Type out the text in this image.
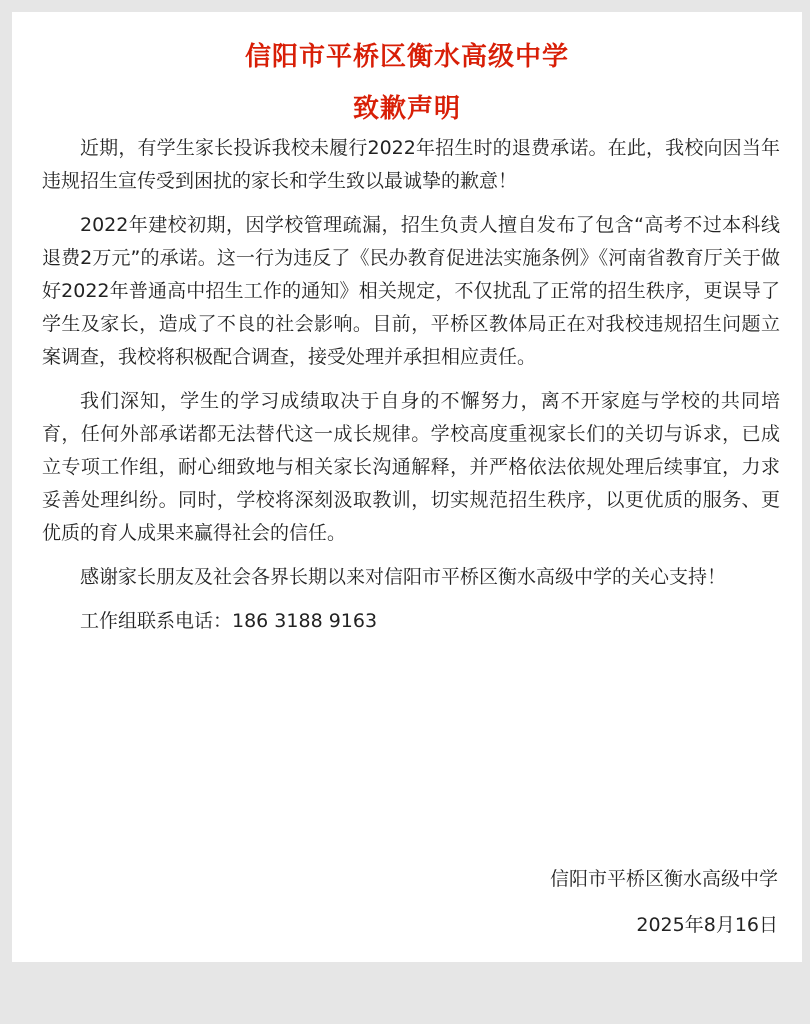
信阳市平桥区衡水高级中学
致歉声明

近期，有学生家长投诉我校未履行2022年招生时的退费承诺。在此，我校向因当年违规招生宣传受到困扰的家长和学生致以最诚挚的歉意！

2022年建校初期，因学校管理疏漏，招生负责人擅自发布了包含“高考不过本科线退费2万元”的承诺。这一行为违反了《民办教育促进法实施条例》《河南省教育厅关于做好2022年普通高中招生工作的通知》相关规定，不仅扰乱了正常的招生秩序，更误导了学生及家长，造成了不良的社会影响。目前，平桥区教体局正在对我校违规招生问题立案调查，我校将积极配合调查，接受处理并承担相应责任。

我们深知，学生的学习成绩取决于自身的不懈努力，离不开家庭与学校的共同培育，任何外部承诺都无法替代这一成长规律。学校高度重视家长们的关切与诉求，已成立专项工作组，耐心细致地与相关家长沟通解释，并严格依法依规处理后续事宜，力求妥善处理纠纷。同时，学校将深刻汲取教训，切实规范招生秩序，以更优质的服务、更优质的育人成果来赢得社会的信任。

感谢家长朋友及社会各界长期以来对信阳市平桥区衡水高级中学的关心支持！

工作组联系电话：186 3188 9163

信阳市平桥区衡水高级中学
2025年8月16日
